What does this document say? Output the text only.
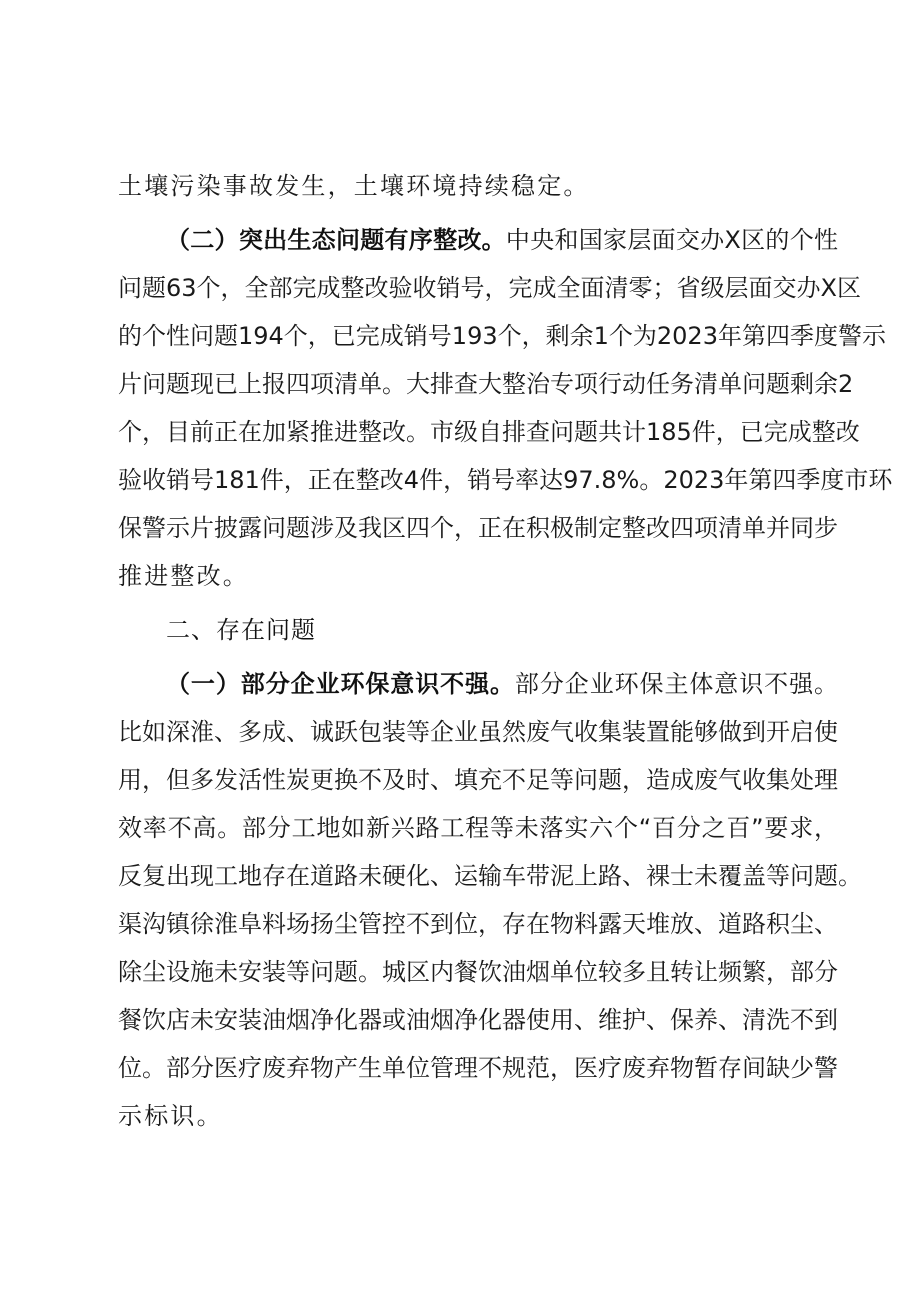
土壤污染事故发生，土壤环境持续稳定。
（二）突出生态问题有序整改。中央和国家层面交办X区的个性
问题63个，全部完成整改验收销号，完成全面清零；省级层面交办X区
的个性问题194个，已完成销号193个，剩余1个为2023年第四季度警示
片问题现已上报四项清单。大排查大整治专项行动任务清单问题剩余2
个，目前正在加紧推进整改。市级自排查问题共计185件，已完成整改
验收销号181件，正在整改4件，销号率达97.8%。2023年第四季度市环
保警示片披露问题涉及我区四个，正在积极制定整改四项清单并同步
推进整改。
二、存在问题
（一）部分企业环保意识不强。部分企业环保主体意识不强。
比如深淮、多成、诚跃包装等企业虽然废气收集装置能够做到开启使
用，但多发活性炭更换不及时、填充不足等问题，造成废气收集处理
效率不高。部分工地如新兴路工程等未落实六个“百分之百”要求，
反复出现工地存在道路未硬化、运输车带泥上路、裸士未覆盖等问题。
渠沟镇徐淮阜料场扬尘管控不到位，存在物料露天堆放、道路积尘、
除尘设施未安装等问题。城区内餐饮油烟单位较多且转让频繁，部分
餐饮店未安装油烟净化器或油烟净化器使用、维护、保养、清洗不到
位。部分医疗废弃物产生单位管理不规范，医疗废弃物暂存间缺少警
示标识。
